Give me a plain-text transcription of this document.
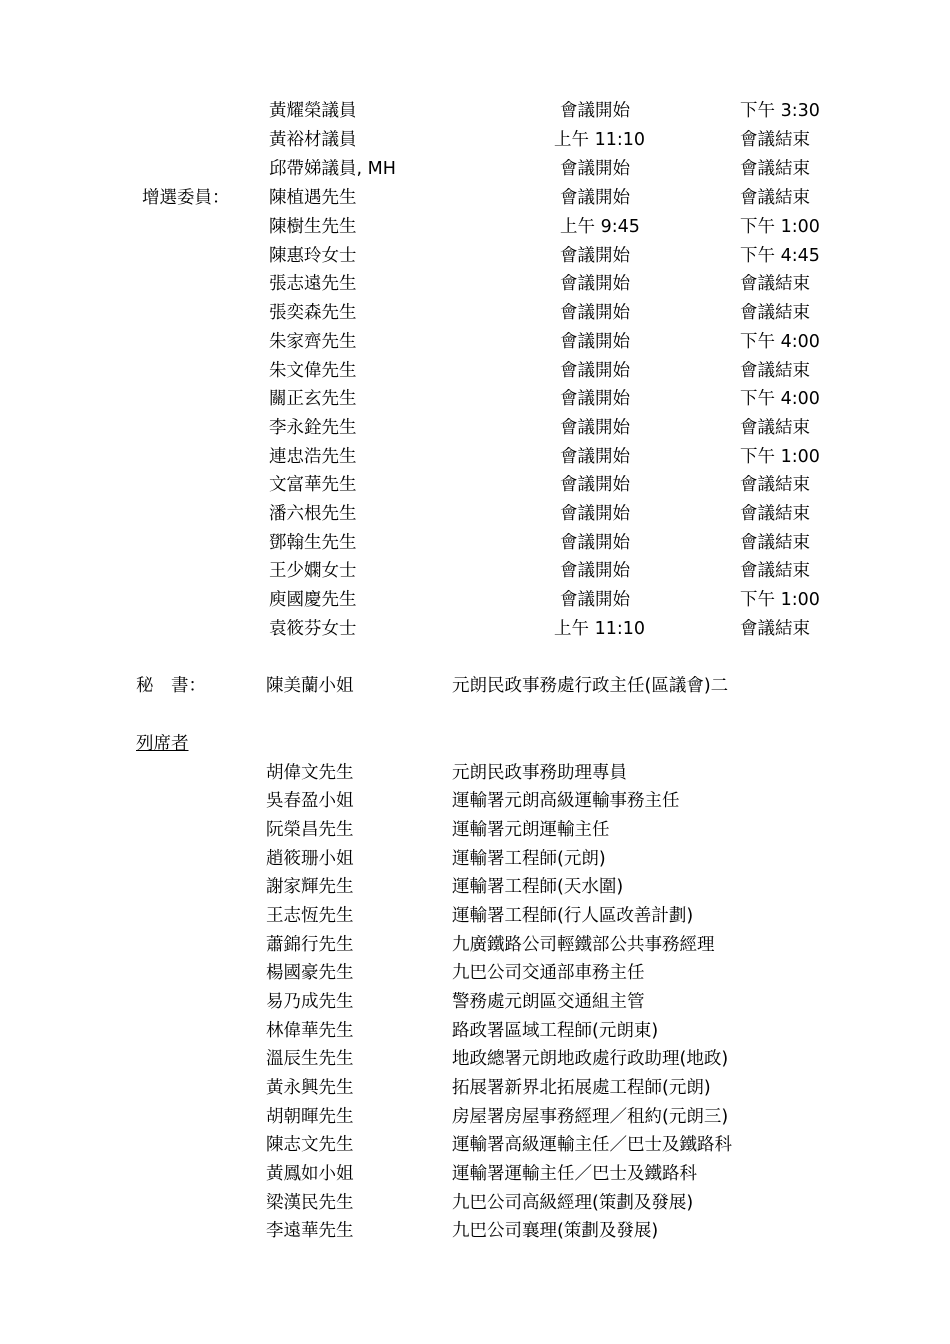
黃耀榮議員	會議開始	下午 3:30
黃裕材議員	上午 11:10	會議結束
邱帶娣議員, MH	會議開始	會議結束
增選委員： 陳植遇先生	會議開始	會議結束
陳樹生先生	上午 9:45	下午 1:00
陳惠玲女士	會議開始	下午 4:45
張志遠先生	會議開始	會議結束
張奕森先生	會議開始	會議結束
朱家齊先生	會議開始	下午 4:00
朱文偉先生	會議開始	會議結束
關正玄先生	會議開始	下午 4:00
李永銓先生	會議開始	會議結束
連忠浩先生	會議開始	下午 1:00
文富華先生	會議開始	會議結束
潘六根先生	會議開始	會議結束
鄧翰生先生	會議開始	會議結束
王少嫻女士	會議開始	會議結束
庾國慶先生	會議開始	下午 1:00
袁筱芬女士	上午 11:10	會議結束
秘　書：	陳美蘭小姐	元朗民政事務處行政主任(區議會)二
列席者
胡偉文先生	元朗民政事務助理專員
吳春盈小姐	運輸署元朗高級運輸事務主任
阮榮昌先生	運輸署元朗運輸主任
趙筱珊小姐	運輸署工程師(元朗)
謝家輝先生	運輸署工程師(天水圍)
王志恆先生	運輸署工程師(行人區改善計劃)
蕭錦行先生	九廣鐵路公司輕鐵部公共事務經理
楊國豪先生	九巴公司交通部車務主任
易乃成先生	警務處元朗區交通組主管
林偉華先生	路政署區域工程師(元朗東)
溫辰生先生	地政總署元朗地政處行政助理(地政)
黃永興先生	拓展署新界北拓展處工程師(元朗)
胡朝暉先生	房屋署房屋事務經理／租約(元朗三)
陳志文先生	運輸署高級運輸主任／巴士及鐵路科
黃鳳如小姐	運輸署運輸主任／巴士及鐵路科
梁漢民先生	九巴公司高級經理(策劃及發展)
李遠華先生	九巴公司襄理(策劃及發展)
